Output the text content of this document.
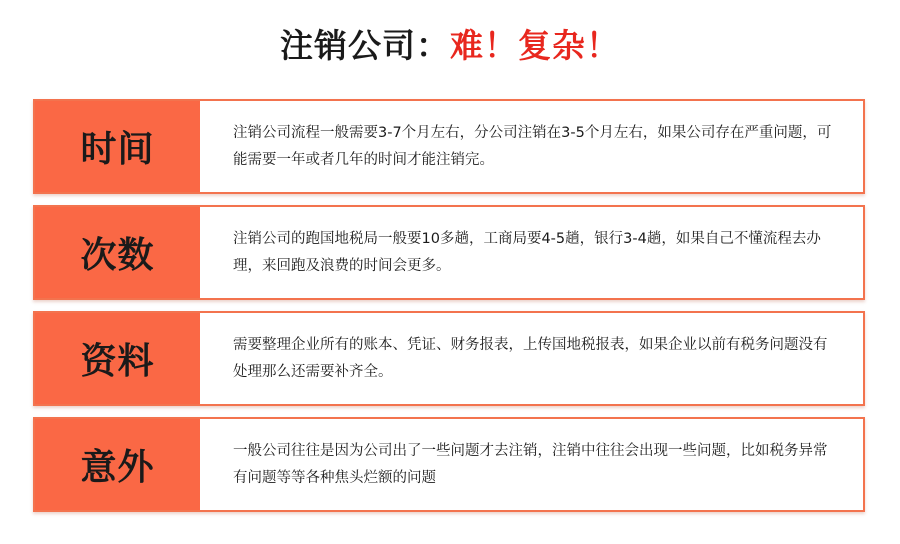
注销公司：难！复杂！
时间	注销公司流程一般需要3-7个月左右，分公司注销在3-5个月左右，如果公司存在严重问题，可能需要一年或者几年的时间才能注销完。
次数	注销公司的跑国地税局一般要10多趟，工商局要4-5趟，银行3-4趟，如果自己不懂流程去办理，来回跑及浪费的时间会更多。
资料	需要整理企业所有的账本、凭证、财务报表，上传国地税报表，如果企业以前有税务问题没有处理那么还需要补齐全。
意外	一般公司往往是因为公司出了一些问题才去注销，注销中往往会出现一些问题，比如税务异常有问题等等各种焦头烂额的问题
